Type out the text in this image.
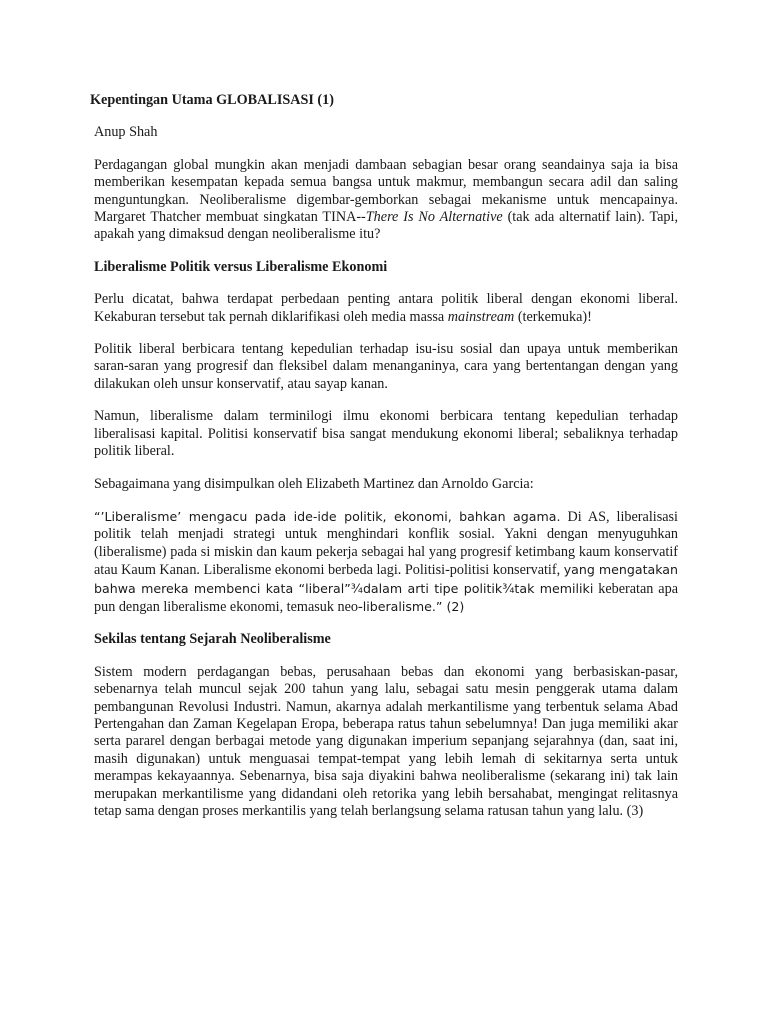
Kepentingan Utama GLOBALISASI (1)

Anup Shah

Perdagangan global mungkin akan menjadi dambaan sebagian besar orang seandainya saja ia bisa memberikan kesempatan kepada semua bangsa untuk makmur, membangun secara adil dan saling menguntungkan. Neoliberalisme digembar-gemborkan sebagai mekanisme untuk mencapainya. Margaret Thatcher membuat singkatan TINA--There Is No Alternative (tak ada alternatif lain). Tapi, apakah yang dimaksud dengan neoliberalisme itu?

Liberalisme Politik versus Liberalisme Ekonomi

Perlu dicatat, bahwa terdapat perbedaan penting antara politik liberal dengan ekonomi liberal. Kekaburan tersebut tak pernah diklarifikasi oleh media massa mainstream (terkemuka)!

Politik liberal berbicara tentang kepedulian terhadap isu-isu sosial dan upaya untuk memberikan saran-saran yang progresif dan fleksibel dalam menanganinya, cara yang bertentangan dengan yang dilakukan oleh unsur konservatif, atau sayap kanan.

Namun, liberalisme dalam terminilogi ilmu ekonomi berbicara tentang kepedulian terhadap liberalisasi kapital. Politisi konservatif bisa sangat mendukung ekonomi liberal; sebaliknya terhadap politik liberal.

Sebagaimana yang disimpulkan oleh Elizabeth Martinez dan Arnoldo Garcia:

“’Liberalisme’ mengacu pada ide-ide politik, ekonomi, bahkan agama. Di AS, liberalisasi politik telah menjadi strategi untuk menghindari konflik sosial. Yakni dengan menyuguhkan (liberalisme) pada si miskin dan kaum pekerja sebagai hal yang progresif ketimbang kaum konservatif atau Kaum Kanan. Liberalisme ekonomi berbeda lagi. Politisi-politisi konservatif, yang mengatakan bahwa mereka membenci kata “liberal”¾dalam arti tipe politik¾tak memiliki keberatan apa pun dengan liberalisme ekonomi, temasuk neo-liberalisme.” (2)

Sekilas tentang Sejarah Neoliberalisme

Sistem modern perdagangan bebas, perusahaan bebas dan ekonomi yang berbasiskan-pasar, sebenarnya telah muncul sejak 200 tahun yang lalu, sebagai satu mesin penggerak utama dalam pembangunan Revolusi Industri. Namun, akarnya adalah merkantilisme yang terbentuk selama Abad Pertengahan dan Zaman Kegelapan Eropa, beberapa ratus tahun sebelumnya! Dan juga memiliki akar serta pararel dengan berbagai metode yang digunakan imperium sepanjang sejarahnya (dan, saat ini, masih digunakan) untuk menguasai tempat-tempat yang lebih lemah di sekitarnya serta untuk merampas kekayaannya. Sebenarnya, bisa saja diyakini bahwa neoliberalisme (sekarang ini) tak lain merupakan merkantilisme yang didandani oleh retorika yang lebih bersahabat, mengingat relitasnya tetap sama dengan proses merkantilis yang telah berlangsung selama ratusan tahun yang lalu. (3)
